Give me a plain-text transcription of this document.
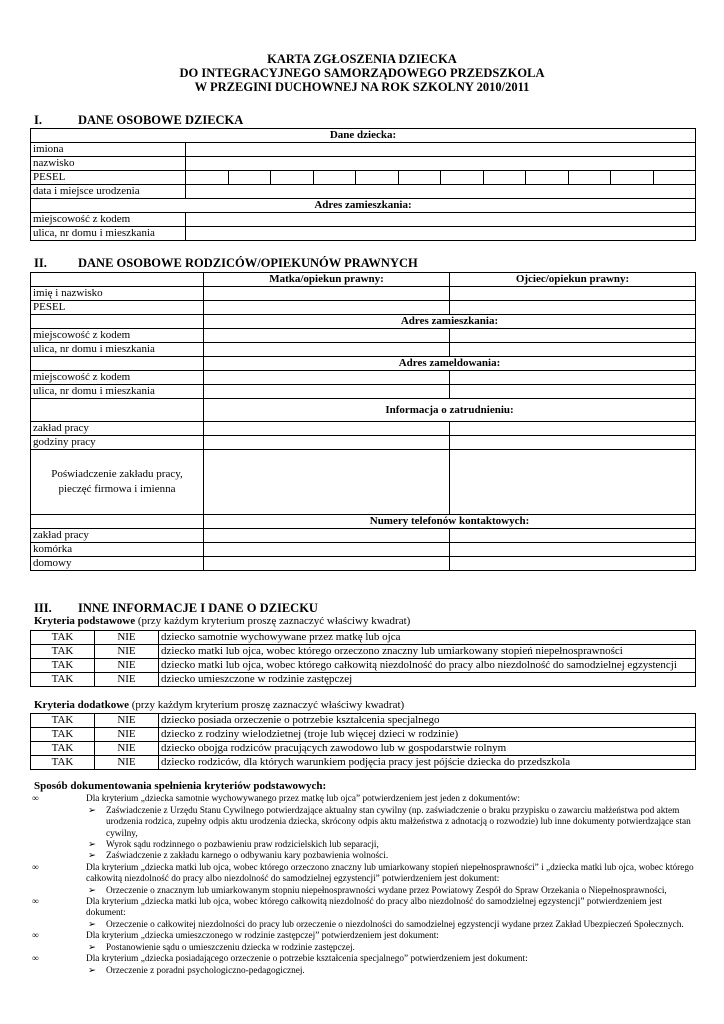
KARTA ZGŁOSZENIA DZIECKA
DO INTEGRACYJNEGO SAMORZĄDOWEGO PRZEDSZKOLA
W PRZEGINI DUCHOWNEJ NA ROK SZKOLNY 2010/2011
I.	DANE OSOBOWE DZIECKA
Dane dziecka:												
imiona												
nazwisko												
PESEL												
data i miejsce urodzenia												
Adres zamieszkania:												
miejscowość z kodem												
ulica, nr domu i mieszkania												
II. DANE OSOBOWE RODZICÓW/OPIEKUNÓW PRAWNYCH
	Matka/opiekun prawny:	Ojciec/opiekun prawny:
imię i nazwisko		
PESEL		
	Adres zamieszkania:	
miejscowość z kodem		
ulica, nr domu i mieszkania		
	Adres zameldowania:	
miejscowość z kodem		
ulica, nr domu i mieszkania		
	Informacja o zatrudnieniu:	
zakład pracy		
godziny pracy		

Poświadczenie zakładu pracy,
pieczęć firmowa i imienna		

	Numery telefonów kontaktowych:	
zakład pracy		
komórka		
domowy		
III. INNE INFORMACJE I DANE O DZIECKU
Kryteria podstawowe (przy każdym kryterium proszę zaznaczyć właściwy kwadrat)
TAK	NIE	dziecko samotnie wychowywane przez matkę lub ojca
TAK	NIE	dziecko matki lub ojca, wobec którego orzeczono znaczny lub umiarkowany stopień niepełnosprawności
TAK	NIE	dziecko matki lub ojca, wobec którego całkowitą niezdolność do pracy albo niezdolność do samodzielnej egzystencji
TAK	NIE	dziecko umieszczone w rodzinie zastępczej
Kryteria dodatkowe (przy każdym kryterium proszę zaznaczyć właściwy kwadrat)
TAK	NIE	dziecko posiada orzeczenie o potrzebie kształcenia specjalnego
TAK	NIE	dziecko z rodziny wielodzietnej (troje lub więcej dzieci w rodzinie)
TAK	NIE	dziecko obojga rodziców pracujących zawodowo lub w gospodarstwie rolnym
TAK	NIE	dziecko rodziców, dla których warunkiem podjęcia pracy jest pójście dziecka do przedszkola
Sposób dokumentowania spełnienia kryteriów podstawowych:
∞	Dla kryterium „dziecka samotnie wychowywanego przez matkę lub ojca” potwierdzeniem jest jeden z dokumentów:
➢ Zaświadczenie z Urzędu Stanu Cywilnego potwierdzające aktualny stan cywilny (np. zaświadczenie o braku przypisku o zawarciu małżeństwa pod aktem urodzenia rodzica, zupełny odpis aktu urodzenia dziecka, skrócony odpis aktu małżeństwa z adnotacją o rozwodzie) lub inne dokumenty potwierdzające stan cywilny,
➢ Wyrok sądu rodzinnego o pozbawieniu praw rodzicielskich lub separacji,
➢ Zaświadczenie z zakładu karnego o odbywaniu kary pozbawienia wolności.
∞	Dla kryterium „dziecka matki lub ojca, wobec którego orzeczono znaczny lub umiarkowany stopień niepełnosprawności” i „dziecka matki lub ojca, wobec którego całkowitą niezdolność do pracy albo niezdolność do samodzielnej egzystencji” potwierdzeniem jest dokument:
➢ Orzeczenie o znacznym lub umiarkowanym stopniu niepełnosprawności wydane przez Powiatowy Zespół do Spraw Orzekania o Niepełnosprawności,
∞	Dla kryterium „dziecka matki lub ojca, wobec którego całkowitą niezdolność do pracy albo niezdolność do samodzielnej egzystencji” potwierdzeniem jest dokument:
➢ Orzeczenie o całkowitej niezdolności do pracy lub orzeczenie o niezdolności do samodzielnej egzystencji wydane przez Zakład Ubezpieczeń Społecznych.
∞	Dla kryterium „dziecka umieszczonego w rodzinie zastępczej” potwierdzeniem jest dokument:
➢ Postanowienie sądu o umieszczeniu dziecka w rodzinie zastępczej.
∞	Dla kryterium „dziecka posiadającego orzeczenie o potrzebie kształcenia specjalnego” potwierdzeniem jest dokument:
➢ Orzeczenie z poradni psychologiczno-pedagogicznej.
